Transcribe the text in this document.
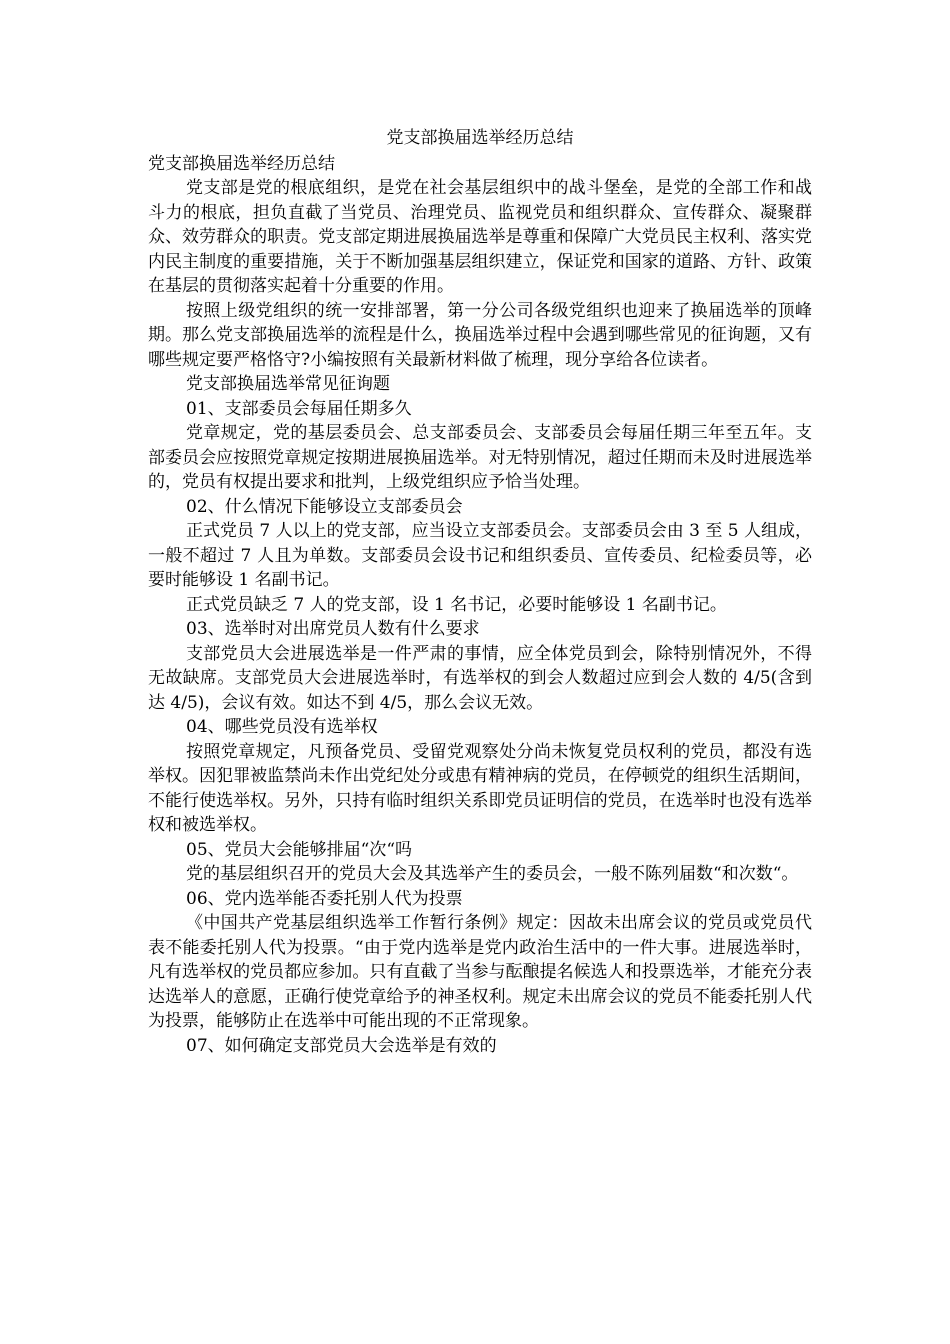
党支部换届选举经历总结
党支部换届选举经历总结

党支部是党的根底组织，是党在社会基层组织中的战斗堡垒，是党的全部工作和战斗力的根底，担负直截了当党员、治理党员、监视党员和组织群众、宣传群众、凝聚群众、效劳群众的职责。党支部定期进展换届选举是尊重和保障广大党员民主权利、落实党内民主制度的重要措施，关于不断加强基层组织建立，保证党和国家的道路、方针、政策在基层的贯彻落实起着十分重要的作用。

按照上级党组织的统一安排部署，第一分公司各级党组织也迎来了换届选举的顶峰期。那么党支部换届选举的流程是什么，换届选举过程中会遇到哪些常见的征询题，又有哪些规定要严格恪守?小编按照有关最新材料做了梳理，现分享给各位读者。

党支部换届选举常见征询题

01、支部委员会每届任期多久

党章规定，党的基层委员会、总支部委员会、支部委员会每届任期三年至五年。支部委员会应按照党章规定按期进展换届选举。对无特别情况，超过任期而未及时进展选举的，党员有权提出要求和批判，上级党组织应予恰当处理。

02、什么情况下能够设立支部委员会

正式党员 7 人以上的党支部，应当设立支部委员会。支部委员会由 3 至 5 人组成，一般不超过 7 人且为单数。支部委员会设书记和组织委员、宣传委员、纪检委员等，必要时能够设 1 名副书记。

正式党员缺乏 7 人的党支部，设 1 名书记，必要时能够设 1 名副书记。

03、选举时对出席党员人数有什么要求

支部党员大会进展选举是一件严肃的事情，应全体党员到会，除特别情况外，不得无故缺席。支部党员大会进展选举时，有选举权的到会人数超过应到会人数的 4/5(含到达 4/5)，会议有效。如达不到 4/5，那么会议无效。

04、哪些党员没有选举权

按照党章规定，凡预备党员、受留党观察处分尚未恢复党员权利的党员，都没有选举权。因犯罪被监禁尚未作出党纪处分或患有精神病的党员，在停顿党的组织生活期间，不能行使选举权。另外，只持有临时组织关系即党员证明信的党员，在选举时也没有选举权和被选举权。

05、党员大会能够排届“次“吗

党的基层组织召开的党员大会及其选举产生的委员会，一般不陈列届数“和次数“。

06、党内选举能否委托别人代为投票

《中国共产党基层组织选举工作暂行条例》规定：因故未出席会议的党员或党员代表不能委托别人代为投票。“由于党内选举是党内政治生活中的一件大事。进展选举时，凡有选举权的党员都应参加。只有直截了当参与酝酿提名候选人和投票选举，才能充分表达选举人的意愿，正确行使党章给予的神圣权利。规定未出席会议的党员不能委托别人代为投票，能够防止在选举中可能出现的不正常现象。

07、如何确定支部党员大会选举是有效的
